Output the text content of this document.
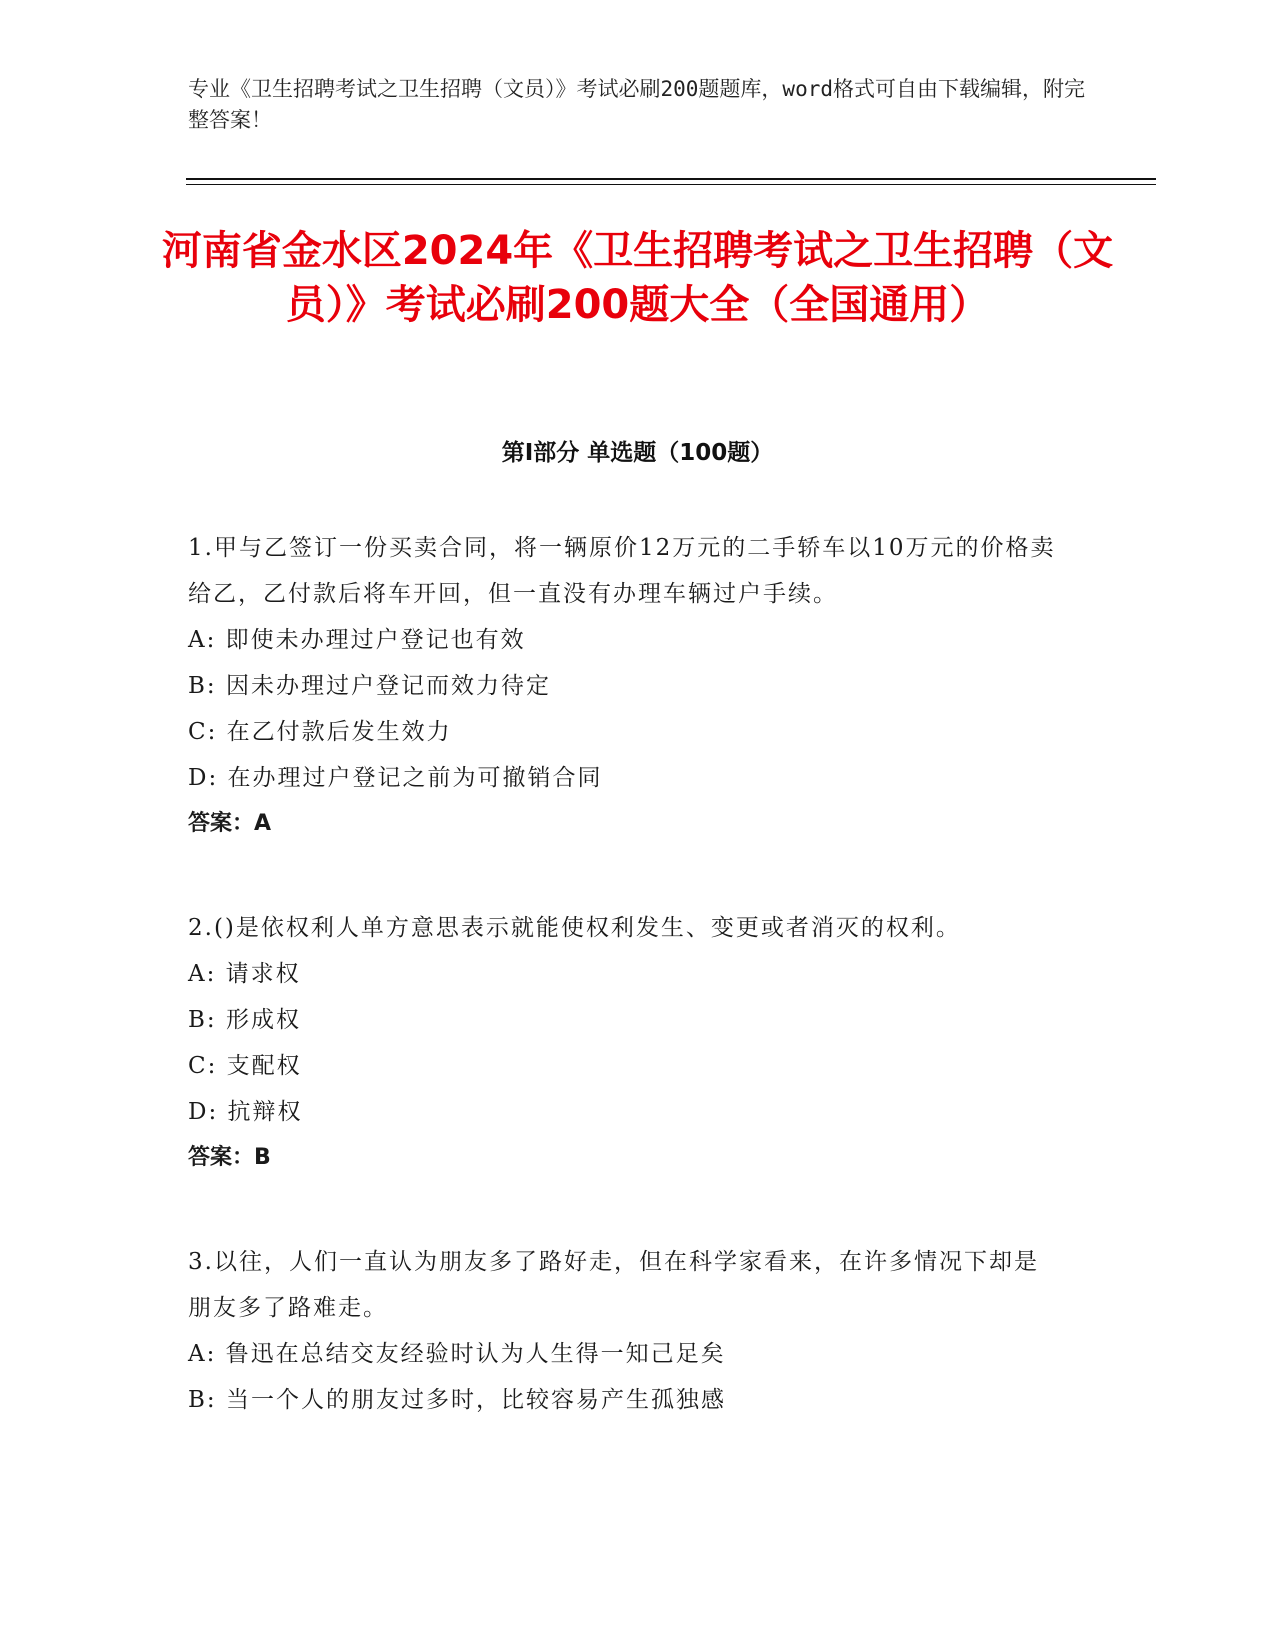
专业《卫生招聘考试之卫生招聘（文员）》考试必刷200题题库，word格式可自由下载编辑，附完整答案！
河南省金水区2024年《卫生招聘考试之卫生招聘（文员）》考试必刷200题大全（全国通用）
第Ⅰ部分 单选题（100题）
1.甲与乙签订一份买卖合同，将一辆原价12万元的二手轿车以10万元的价格卖给乙，乙付款后将车开回，但一直没有办理车辆过户手续。
A: 即使未办理过户登记也有效
B: 因未办理过户登记而效力待定
C: 在乙付款后发生效力
D: 在办理过户登记之前为可撤销合同
答案：A
2.()是依权利人单方意思表示就能使权利发生、变更或者消灭的权利。
A: 请求权
B: 形成权
C: 支配权
D: 抗辩权
答案：B
3.以往，人们一直认为朋友多了路好走，但在科学家看来，在许多情况下却是朋友多了路难走。
A: 鲁迅在总结交友经验时认为人生得一知己足矣
B: 当一个人的朋友过多时，比较容易产生孤独感
